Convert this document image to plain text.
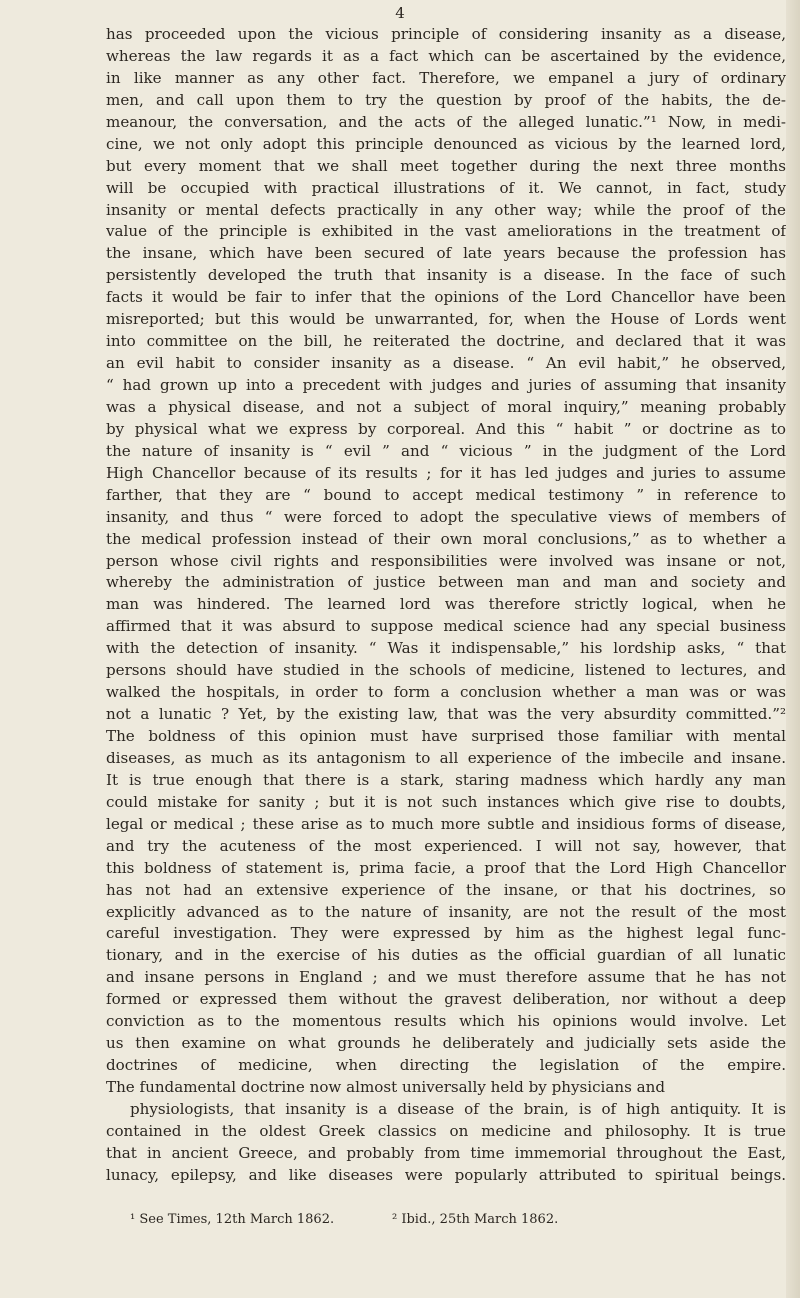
4
has proceeded upon the vicious principle of considering insanity as a disease,
whereas the law regards it as a fact which can be ascertained by the evidence,
in like manner as any other fact. Therefore, we empanel a jury of ordinary
men, and call upon them to try the question by proof of the habits, the de-
meanour, the conversation, and the acts of the alleged lunatic.”¹ Now, in medi-
cine, we not only adopt this principle denounced as vicious by the learned lord,
but every moment that we shall meet together during the next three months
will be occupied with practical illustrations of it. We cannot, in fact, study
insanity or mental defects practically in any other way; while the proof of the
value of the principle is exhibited in the vast ameliorations in the treatment of
the insane, which have been secured of late years because the profession has
persistently developed the truth that insanity is a disease. In the face of such
facts it would be fair to infer that the opinions of the Lord Chancellor have been
misreported; but this would be unwarranted, for, when the House of Lords went
into committee on the bill, he reiterated the doctrine, and declared that it was
an evil habit to consider insanity as a disease. “ An evil habit,” he observed,
“ had grown up into a precedent with judges and juries of assuming that insanity
was a physical disease, and not a subject of moral inquiry,” meaning probably
by physical what we express by corporeal. And this “ habit ” or doctrine as to
the nature of insanity is “ evil ” and “ vicious ” in the judgment of the Lord
High Chancellor because of its results ; for it has led judges and juries to assume
farther, that they are “ bound to accept medical testimony ” in reference to
insanity, and thus “ were forced to adopt the speculative views of members of
the medical profession instead of their own moral conclusions,” as to whether a
person whose civil rights and responsibilities were involved was insane or not,
whereby the administration of justice between man and man and society and
man was hindered. The learned lord was therefore strictly logical, when he
affirmed that it was absurd to suppose medical science had any special business
with the detection of insanity. “ Was it indispensable,” his lordship asks, “ that
persons should have studied in the schools of medicine, listened to lectures, and
walked the hospitals, in order to form a conclusion whether a man was or was
not a lunatic ? Yet, by the existing law, that was the very absurdity committed.”²
The boldness of this opinion must have surprised those familiar with mental
diseases, as much as its antagonism to all experience of the imbecile and insane.
It is true enough that there is a stark, staring madness which hardly any man
could mistake for sanity ; but it is not such instances which give rise to doubts,
legal or medical ; these arise as to much more subtle and insidious forms of disease,
and try the acuteness of the most experienced. I will not say, however, that
this boldness of statement is, prima facie, a proof that the Lord High Chancellor
has not had an extensive experience of the insane, or that his doctrines, so
explicitly advanced as to the nature of insanity, are not the result of the most
careful investigation. They were expressed by him as the highest legal func-
tionary, and in the exercise of his duties as the official guardian of all lunatic
and insane persons in England ; and we must therefore assume that he has not
formed or expressed them without the gravest deliberation, nor without a deep
conviction as to the momentous results which his opinions would involve. Let
us then examine on what grounds he deliberately and judicially sets aside the
doctrines of medicine, when directing the legislation of the empire.
The fundamental doctrine now almost universally held by physicians and
physiologists, that insanity is a disease of the brain, is of high antiquity. It is
contained in the oldest Greek classics on medicine and philosophy. It is true
that in ancient Greece, and probably from time immemorial throughout the East,
lunacy, epilepsy, and like diseases were popularly attributed to spiritual beings.
¹ See Times, 12th March 1862.	² Ibid., 25th March 1862.
